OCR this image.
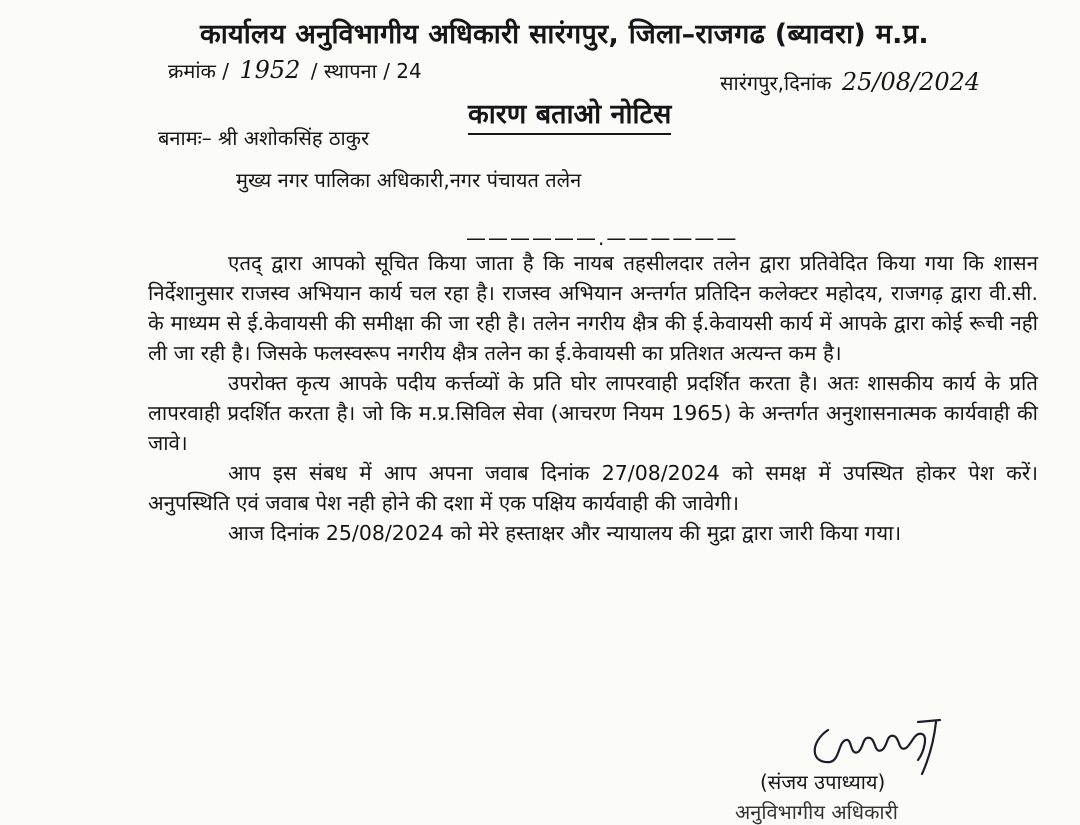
कार्यालय अनुविभागीय अधिकारी सारंगपुर, जिला–राजगढ (ब्यावरा) म.प्र.
क्रमांक / 1952 / स्थापना / 24	सारंगपुर,दिनांक 25/08/2024
कारण बताओ नोटिस
बनामः– श्री अशोकसिंह ठाकुर
मुख्य नगर पालिका अधिकारी,नगर पंचायत तलेन
——————.——————

एतद् द्वारा आपको सूचित किया जाता है कि नायब तहसीलदार तलेन द्वारा प्रतिवेदित किया गया कि शासन निर्देशानुसार राजस्व अभियान कार्य चल रहा है। राजस्व अभियान अन्तर्गत प्रतिदिन कलेक्टर महोदय, राजगढ़ द्वारा वी.सी. के माध्यम से ई.केवायसी की समीक्षा की जा रही है। तलेन नगरीय क्षैत्र की ई.केवायसी कार्य में आपके द्वारा कोई रूची नही ली जा रही है। जिसके फलस्वरूप नगरीय क्षैत्र तलेन का ई.केवायसी का प्रतिशत अत्यन्त कम है।

उपरोक्त कृत्य आपके पदीय कर्त्तव्यों के प्रति घोर लापरवाही प्रदर्शित करता है। अतः शासकीय कार्य के प्रति लापरवाही प्रदर्शित करता है। जो कि म.प्र.सिविल सेवा (आचरण नियम 1965) के अन्तर्गत अनुशासनात्मक कार्यवाही की जावे।

आप इस संबध में आप अपना जवाब दिनांक 27/08/2024 को समक्ष में उपस्थित होकर पेश करें। अनुपस्थिति एवं जवाब पेश नही होने की दशा में एक पक्षिय कार्यवाही की जावेगी।

आज दिनांक 25/08/2024 को मेरे हस्ताक्षर और न्यायालय की मुद्रा द्वारा जारी किया गया।

(संजय उपाध्याय)
अनुविभागीय अधिकारी
